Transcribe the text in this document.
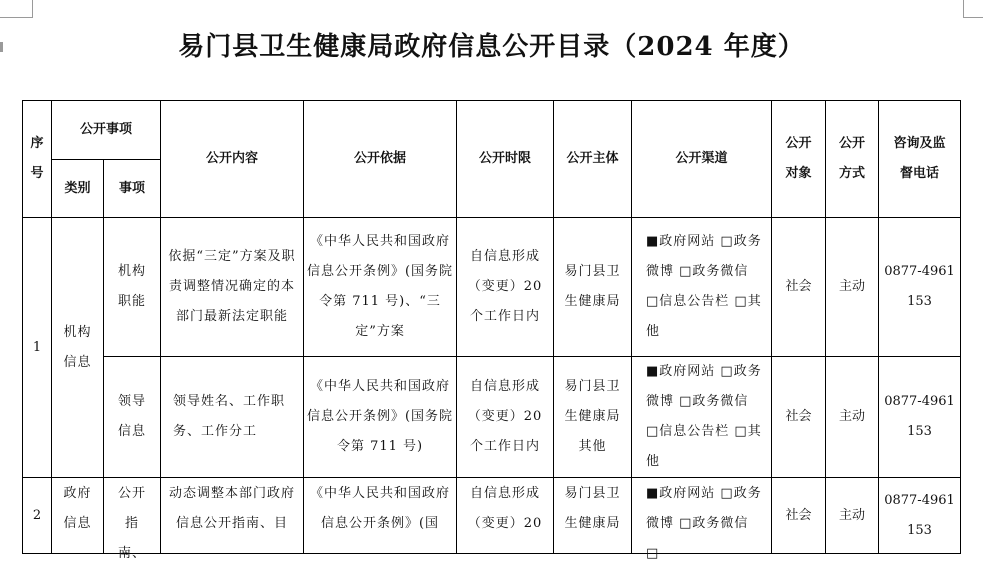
易门县卫生健康局政府信息公开目录（2024 年度）
序号	公开事项		公开内容	公开依据	公开时限	公开主体	公开渠道	公开对象	公开方式	咨询及监督电话

	类别	事项								
1	机构信息	机构职能	依据“三定”方案及职责调整情况确定的本部门最新法定职能	《中华人民共和国政府信息公开条例》(国务院令第 711 号)、“三定”方案	自信息形成（变更）20 个工作日内	易门县卫生健康局	■政府网站 □政务微博 □政务微信 □信息公告栏 □其他	社会	主动	0877-4961153

		领导信息	领导姓名、工作职务、工作分工	《中华人民共和国政府信息公开条例》(国务院令第 711 号)	自信息形成（变更）20 个工作日内	易门县卫生健康局其他	■政府网站 □政务微博 □政务微信 □信息公告栏 □其他	社会	主动	0877-4961153

2	政府信息	公开指南、	动态调整本部门政府信息公开指南、目	《中华人民共和国政府信息公开条例》(国	自信息形成（变更）20	易门县卫生健康局	■政府网站 □政务微博 □政务微信 □	社会	主动	0877-4961153
